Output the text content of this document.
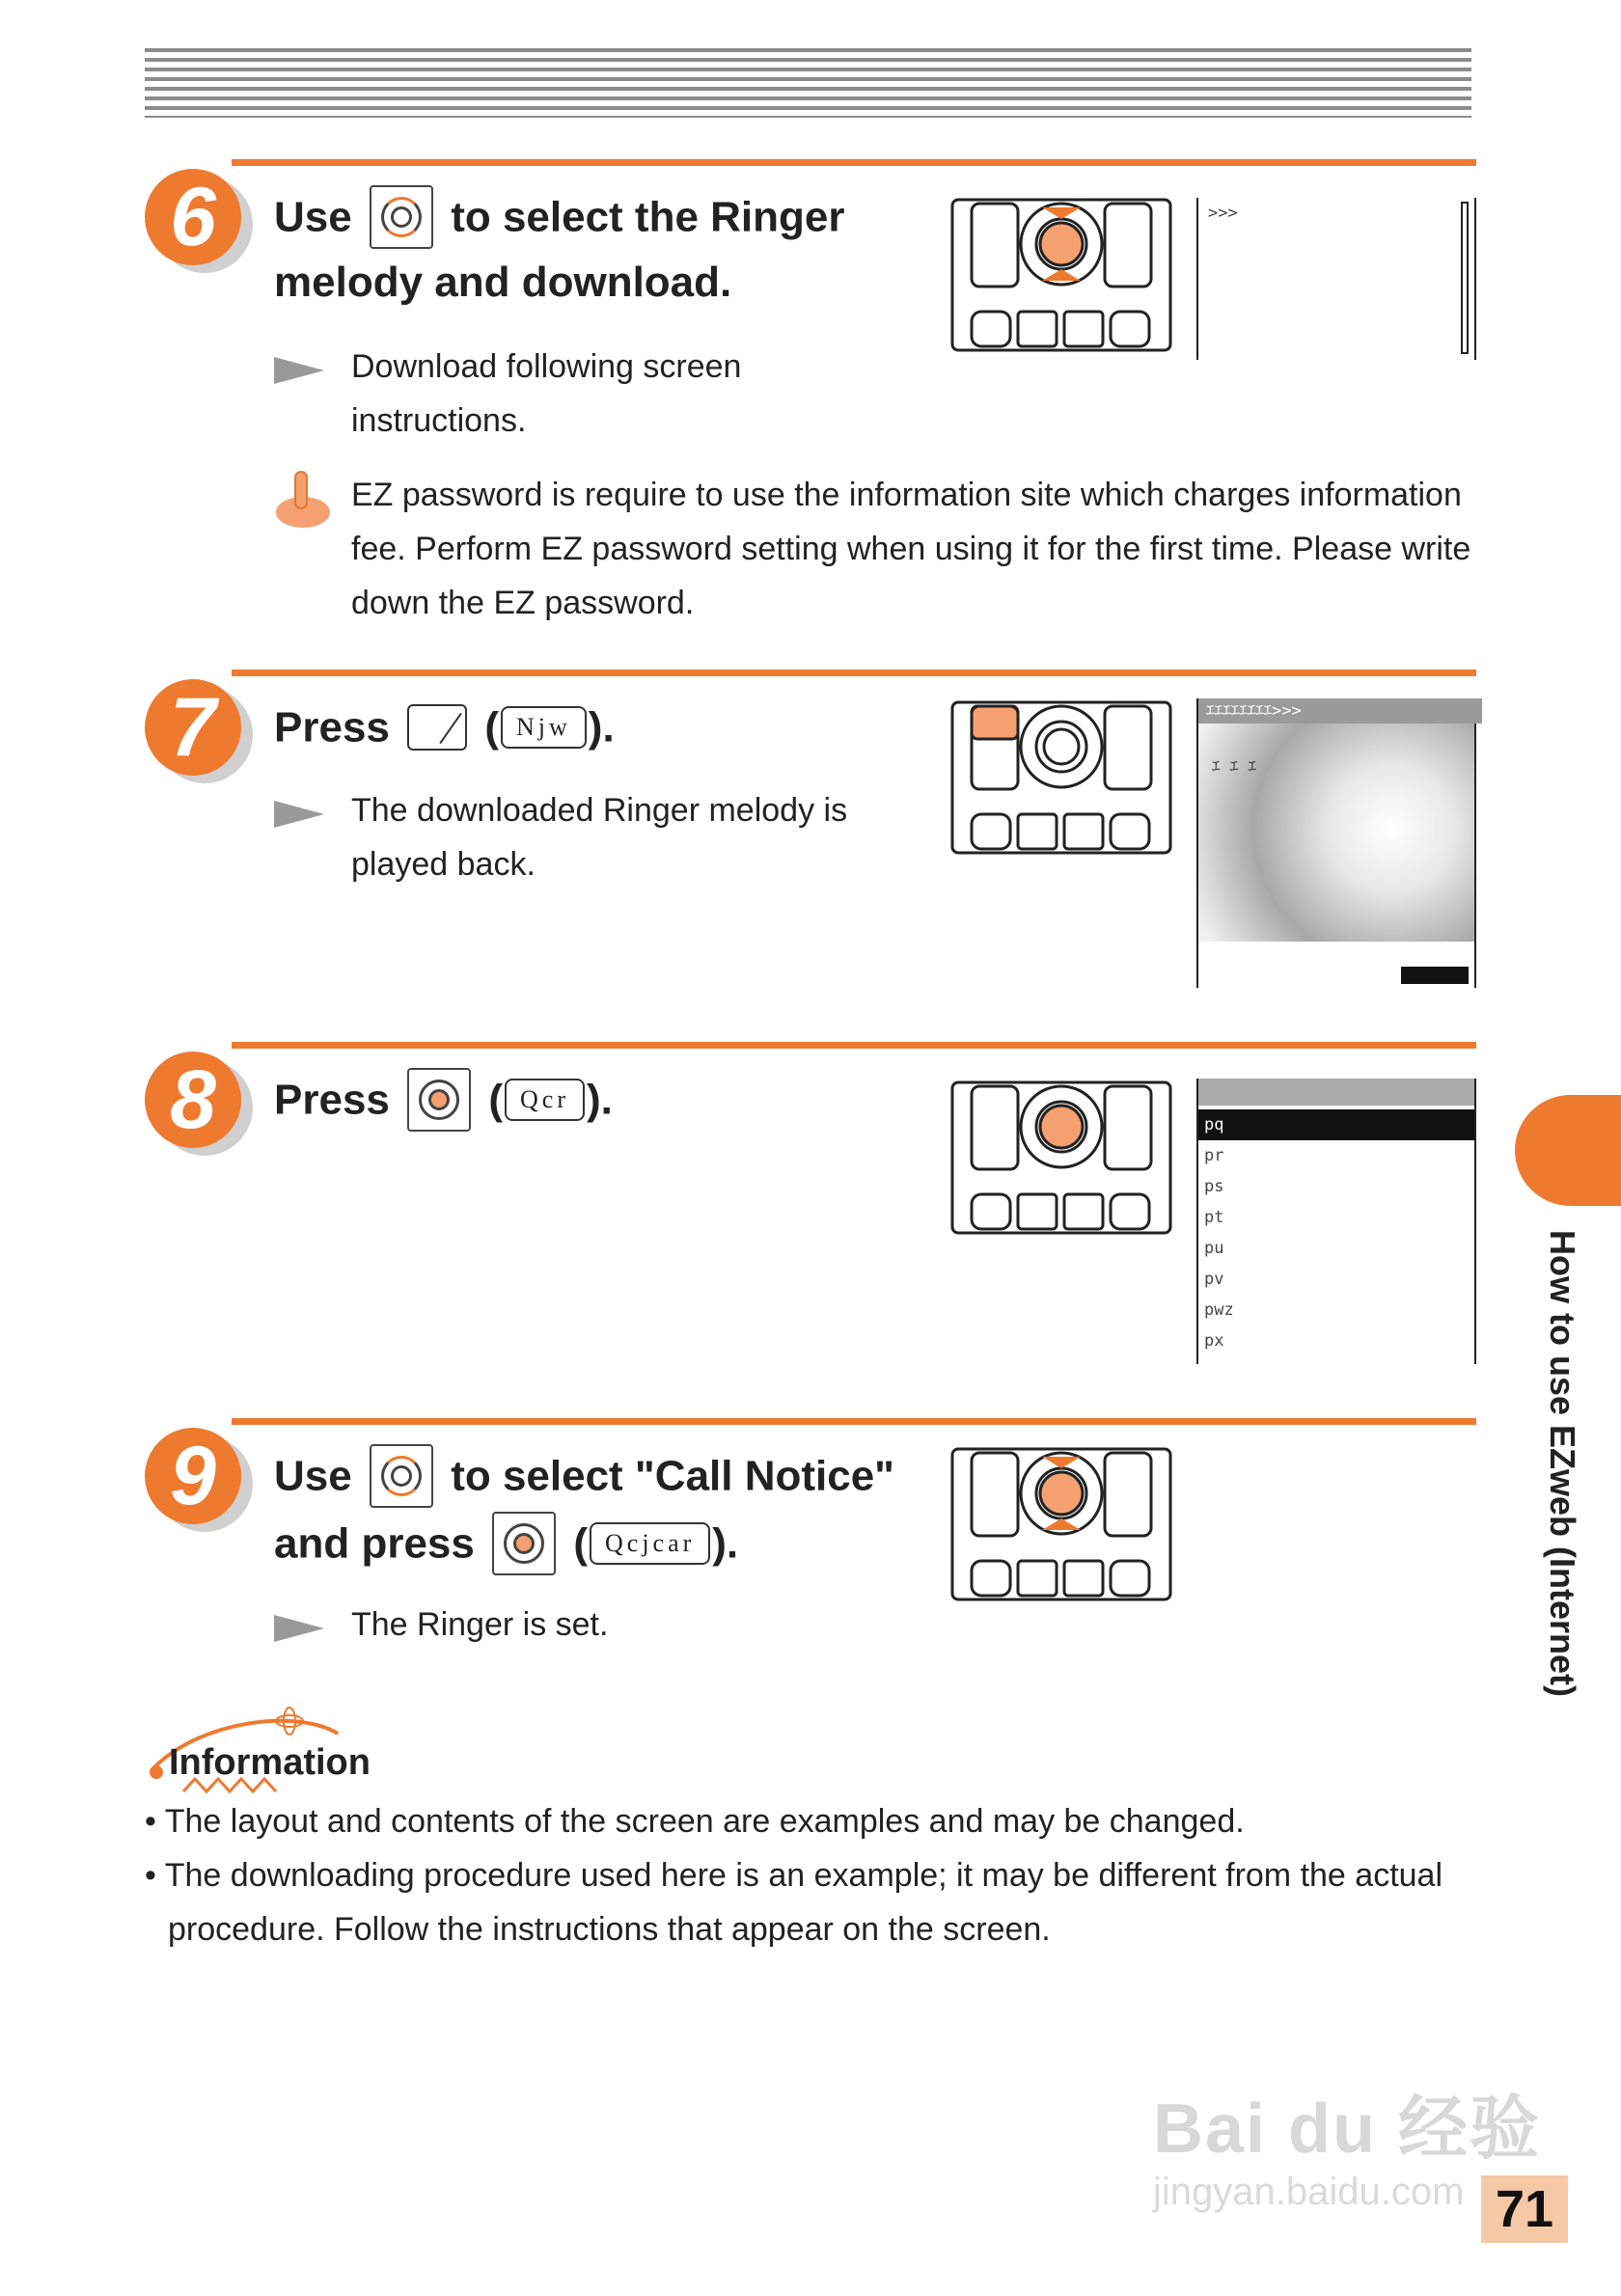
6	Use to select the Ringer
melody and download.
Download following screen instructions.
EZ password is require to use the information site which charges information fee. Perform EZ password setting when using it for the first time. Please write down the EZ password.
>>>
7	Press ( Njw ).
The downloaded Ringer melody is played back.
ｴｴｴｴｴｴｴｴ>>>
ｴ ｴ ｴ
8	Press ( Qcr ).
pq
pr
ps
pt
pu
pv
pwz
px
9	Use to select "Call Notice"
and press ( Qcjcar ).
The Ringer is set.	How to use EZweb (Internet)
Information
• The layout and contents of the screen are examples and may be changed.
• The downloading procedure used here is an example; it may be different from the actual procedure. Follow the instructions that appear on the screen.
Bai du 经验
jingyan.baidu.com 71
